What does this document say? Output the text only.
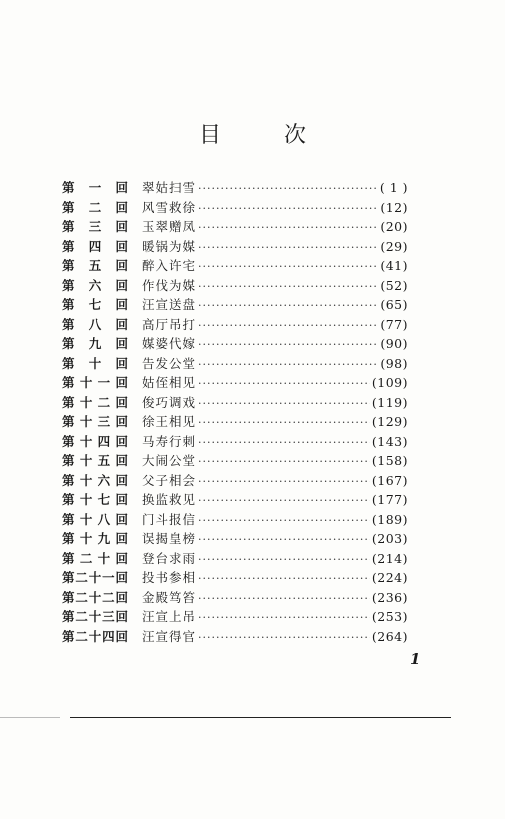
目 次
第 一 回 翠姑扫雪 ·····	( 1 )
第 二 回 风雪救徐 ·····	(12)
第 三 回 玉翠赠凤 ·····	(20)
第 四 回 暖锅为媒 ·····	(29)
第 五 回 醉入许宅 ·····	(41)
第 六 回 作伐为媒 ·····	(52)
第 七 回 汪宣送盘 ·····	(65)
第 八 回 高厅吊打 ·····	(77)
第 九 回 媒婆代嫁 ·····	(90)
第 十 回 告发公堂 ·····	(98)
第 十 一 回 姑侄相见 ·····	(109)
第 十 二 回 俊巧调戏 ·····	(119)
第 十 三 回 徐王相见 ·····	(129)
第 十 四 回 马寿行刺 ·····	(143)
第 十 五 回 大闹公堂 ·····	(158)
第 十 六 回 父子相会 ·····	(167)
第 十 七 回 换监救见 ·····	(177)
第 十 八 回 门斗报信 ·····	(189)
第 十 九 回 误揭皇榜 ·····	(203)
第 二 十 回 登台求雨 ·····	(214)
第 二 十 一 回 投书参相 ·····	(224)
第 二 十 二 回 金殿笃笞 ·····	(236)
第 二 十 三 回 汪宣上吊 ·····	(253)
第 二 十 四 回 汪宣得官 ·····	(264)
1
